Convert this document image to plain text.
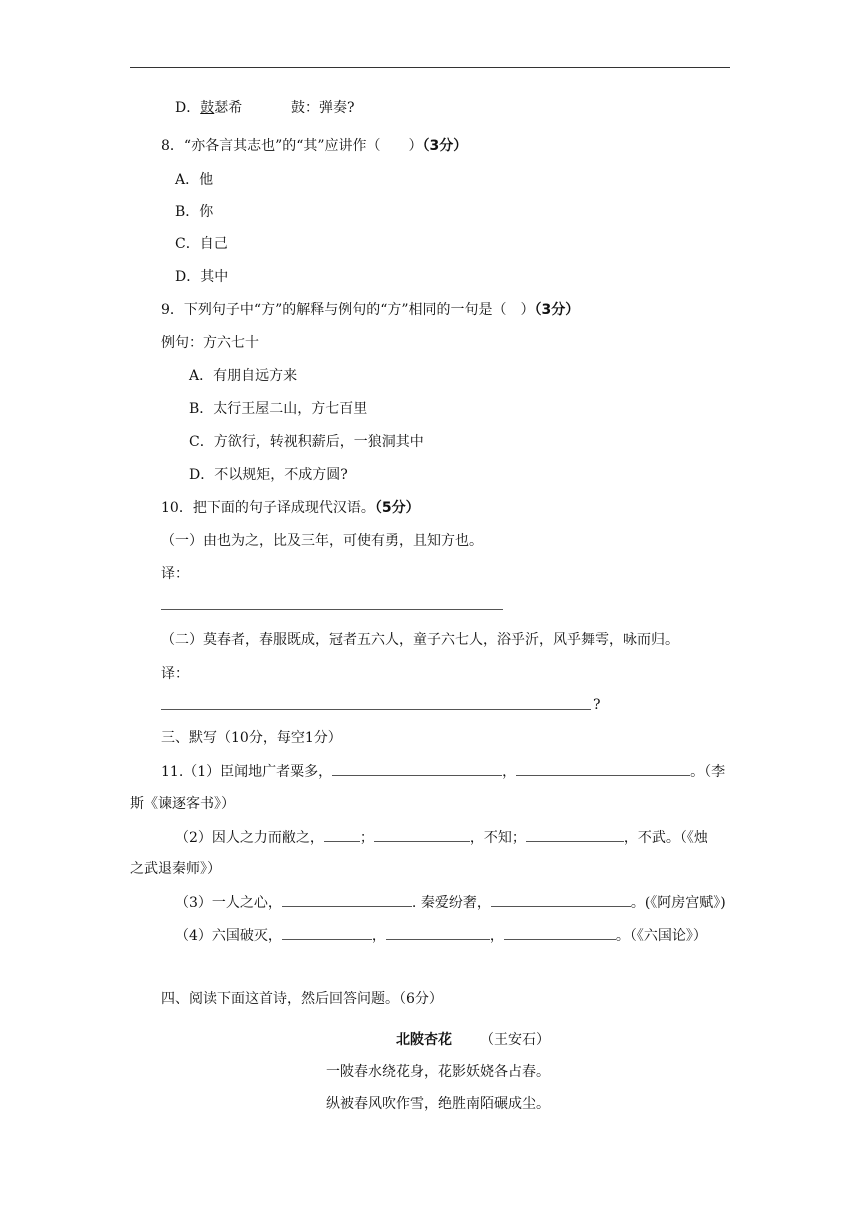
D．鼓瑟希	鼓：弹奏?
8．“亦各言其志也”的“其”应讲作（　　）（3分）
A．他
B．你
C．自己
D．其中
9．下列句子中“方”的解释与例句的“方”相同的一句是（　）（3分）
例句：方六七十
A．有朋自远方来
B．太行王屋二山，方七百里
C．方欲行，转视积薪后，一狼洞其中
D．不以规矩，不成方圆?
10．把下面的句子译成现代汉语。（5分）
（一）由也为之，比及三年，可使有勇，且知方也。
译：
（二）莫春者，春服既成，冠者五六人，童子六七人，浴乎沂，风乎舞雩，咏而归。
译：
?
三、默写（10分，每空1分）
11.（1）臣闻地广者粟多，	，	。（李
斯《谏逐客书》）
（2）因人之力而敝之，	；	，不知；	，不武。（《烛
之武退秦师》）
（3）一人之心，	. 秦爱纷奢，	。(《阿房宫赋》)
（4）六国破灭，	，	，	。（《六国论》）
四、阅读下面这首诗，然后回答问题。（6分）
北陂杏花 （王安石）
一陂春水绕花身，花影妖娆各占春。
纵被春风吹作雪，绝胜南陌碾成尘。
